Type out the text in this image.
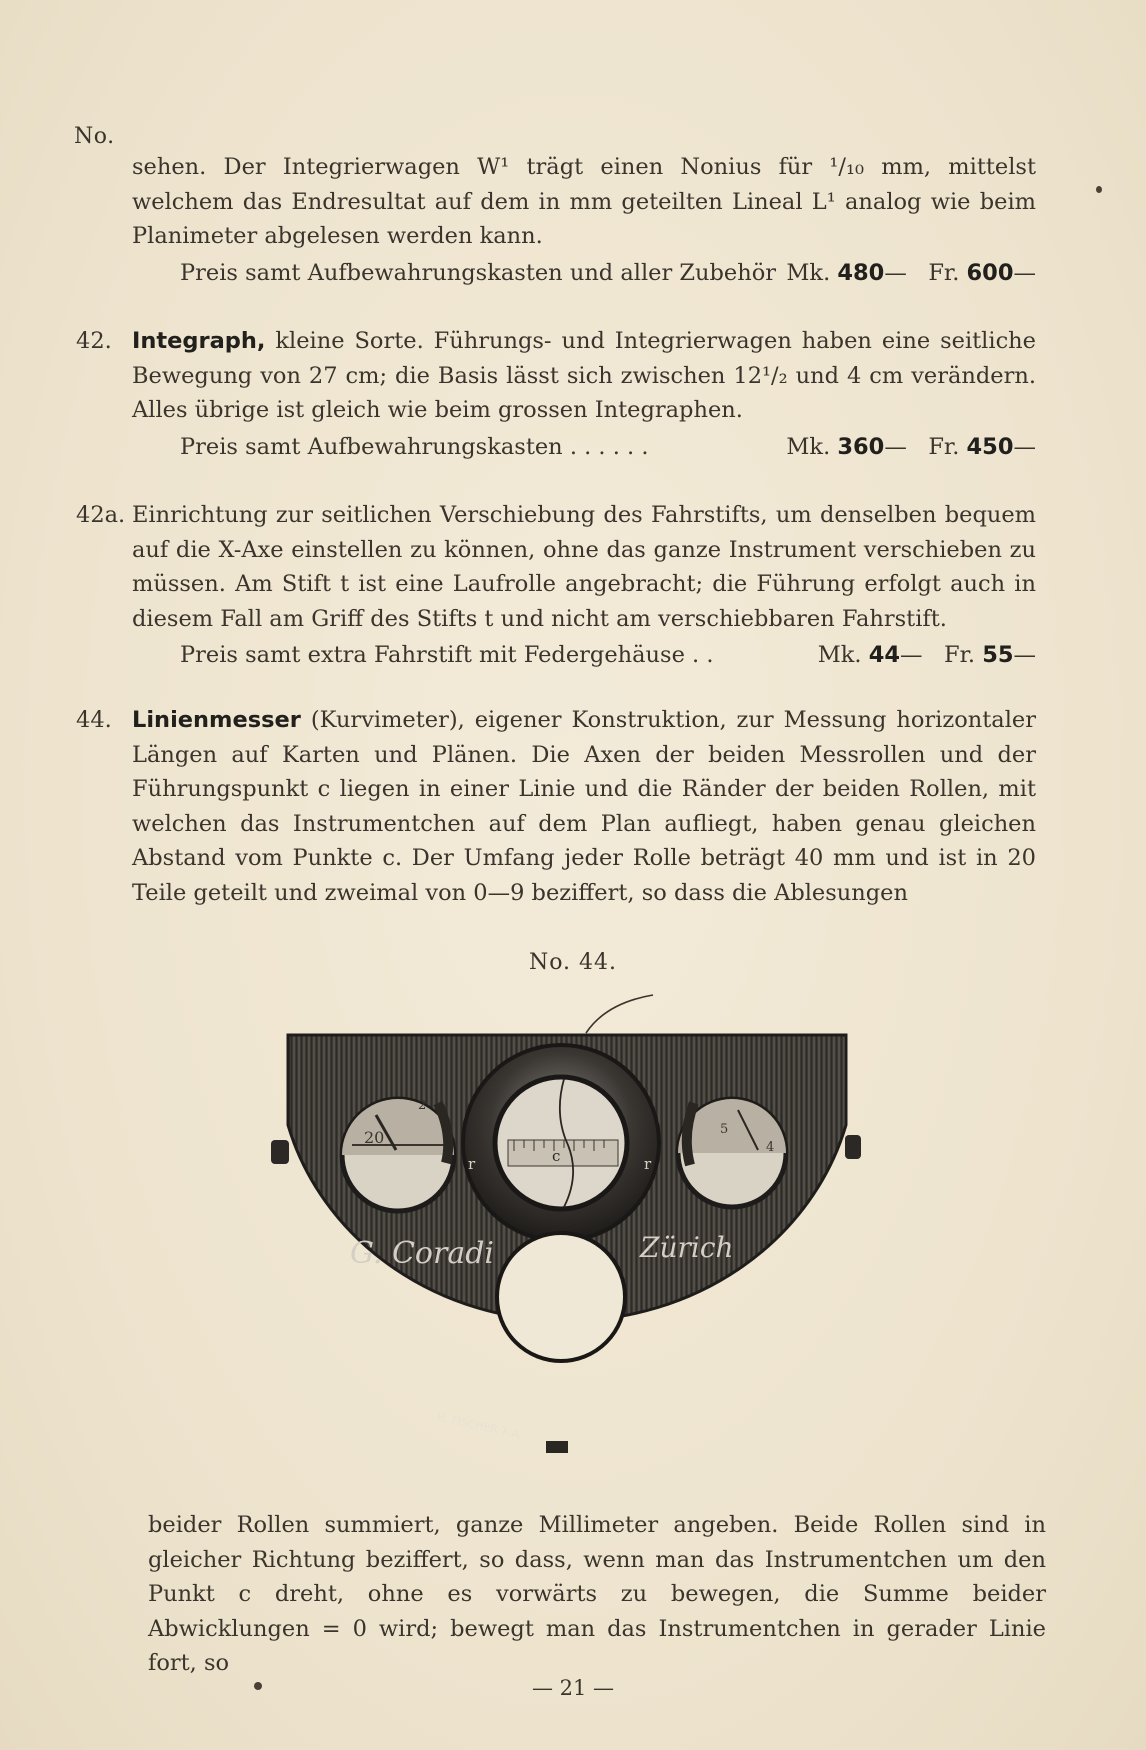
No.
sehen. Der Integrierwagen W¹ trägt einen Nonius für ¹/₁₀ mm, mittelst welchem das Endresultat auf dem in mm geteilten Lineal L¹ analog wie beim Planimeter abgelesen werden kann.
Preis samt Aufbewahrungskasten und aller Zubehör Mk. 480— Fr. 600—
42. Integraph, kleine Sorte. Führungs- und Integrierwagen haben eine seitliche Bewegung von 27 cm; die Basis lässt sich zwischen 12¹/₂ und 4 cm verändern. Alles übrige ist gleich wie beim grossen Integraphen.
Preis samt Aufbewahrungskasten . . . . . .	Mk. 360— Fr. 450—
42a. Einrichtung zur seitlichen Verschiebung des Fahrstifts, um denselben bequem auf die X-Axe einstellen zu können, ohne das ganze Instrument verschieben zu müssen. Am Stift t ist eine Laufrolle angebracht; die Führung erfolgt auch in diesem Fall am Griff des Stifts t und nicht am verschiebbaren Fahrstift.
Preis samt extra Fahrstift mit Federgehäuse . .	Mk. 44— Fr. 55—
44. Linienmesser (Kurvimeter), eigener Konstruktion, zur Messung horizontaler Längen auf Karten und Plänen. Die Axen der beiden Messrollen und der Führungspunkt c liegen in einer Linie und die Ränder der beiden Rollen, mit welchen das Instrumentchen auf dem Plan aufliegt, haben genau gleichen Abstand vom Punkte c. Der Umfang jeder Rolle beträgt 40 mm und ist in 20 Teile geteilt und zweimal von 0—9 beziffert, so dass die Ablesungen
No. 44.
20
2
5
4
c
r	r
G. Coradi	Zürich
H. FISCHER X.A.
beider Rollen summiert, ganze Millimeter angeben. Beide Rollen sind in gleicher Richtung beziffert, so dass, wenn man das Instrumentchen um den Punkt c dreht, ohne es vorwärts zu bewegen, die Summe beider Abwicklungen = 0 wird; bewegt man das Instrumentchen in gerader Linie fort, so
— 21 —
